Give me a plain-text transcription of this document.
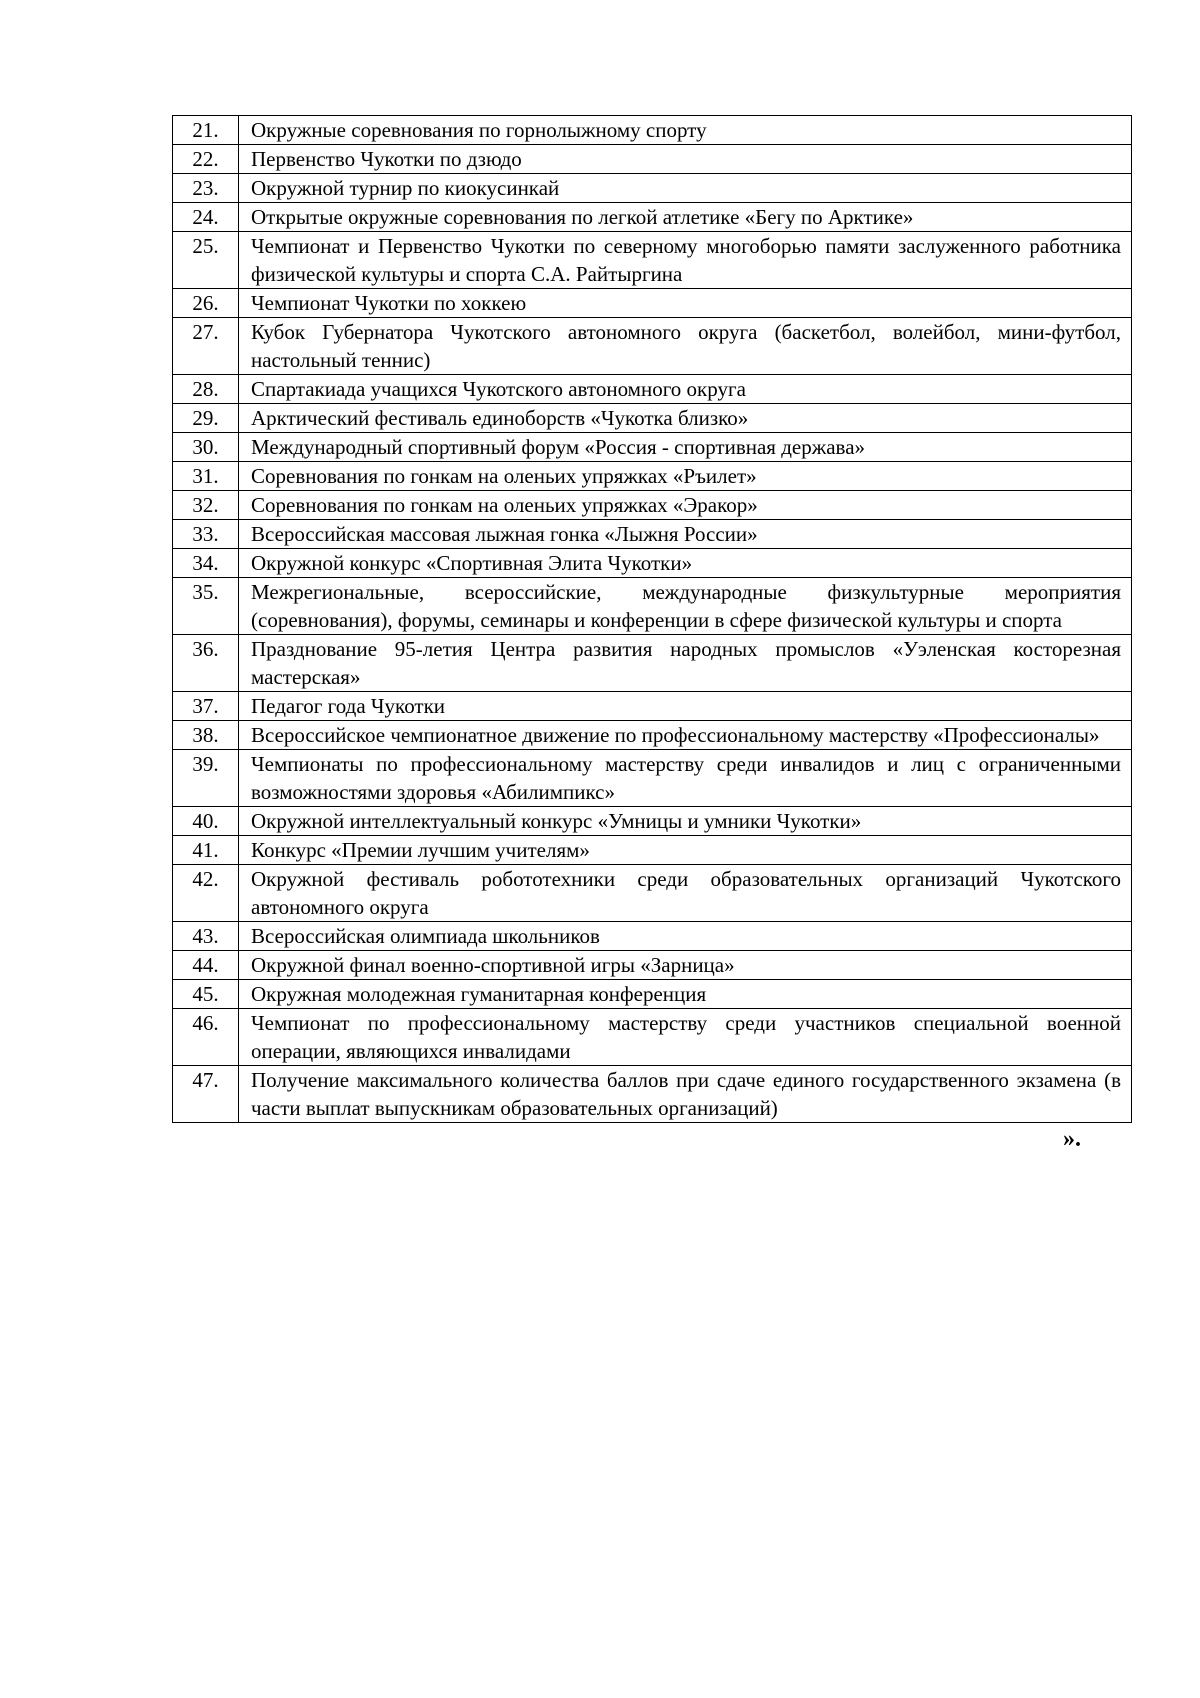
21.	Окружные соревнования по горнолыжному спорту
22.	Первенство Чукотки по дзюдо
23.	Окружной турнир по киокусинкай
24.	Открытые окружные соревнования по легкой атлетике «Бегу по Арктике»
25.	Чемпионат и Первенство Чукотки по северному многоборью памяти заслуженного работника физической культуры и спорта С.А. Райтыргина
26.	Чемпионат Чукотки по хоккею
27.	Кубок Губернатора Чукотского автономного округа (баскетбол, волейбол, мини-футбол, настольный теннис)
28.	Спартакиада учащихся Чукотского автономного округа
29.	Арктический фестиваль единоборств «Чукотка близко»
30.	Международный спортивный форум «Россия - спортивная держава»
31.	Соревнования по гонкам на оленьих упряжках «Ръилет»
32.	Соревнования по гонкам на оленьих упряжках «Эракор»
33.	Всероссийская массовая лыжная гонка «Лыжня России»
34.	Окружной конкурс «Спортивная Элита Чукотки»
35.	Межрегиональные, всероссийские, международные физкультурные мероприятия (соревнования), форумы, семинары и конференции в сфере физической культуры и спорта
36.	Празднование 95-летия Центра развития народных промыслов «Уэленская косторезная мастерская»
37.	Педагог года Чукотки
38.	Всероссийское чемпионатное движение по профессиональному мастерству «Профессионалы»
39.	Чемпионаты по профессиональному мастерству среди инвалидов и лиц с ограниченными возможностями здоровья «Абилимпикс»
40.	Окружной интеллектуальный конкурс «Умницы и умники Чукотки»
41.	Конкурс «Премии лучшим учителям»
42.	Окружной фестиваль робототехники среди образовательных организаций Чукотского автономного округа
43.	Всероссийская олимпиада школьников
44.	Окружной финал военно-спортивной игры «Зарница»
45.	Окружная молодежная гуманитарная конференция
46.	Чемпионат по профессиональному мастерству среди участников специальной военной операции, являющихся инвалидами
47.	Получение максимального количества баллов при сдаче единого государственного экзамена (в части выплат выпускникам образовательных организаций)
».
